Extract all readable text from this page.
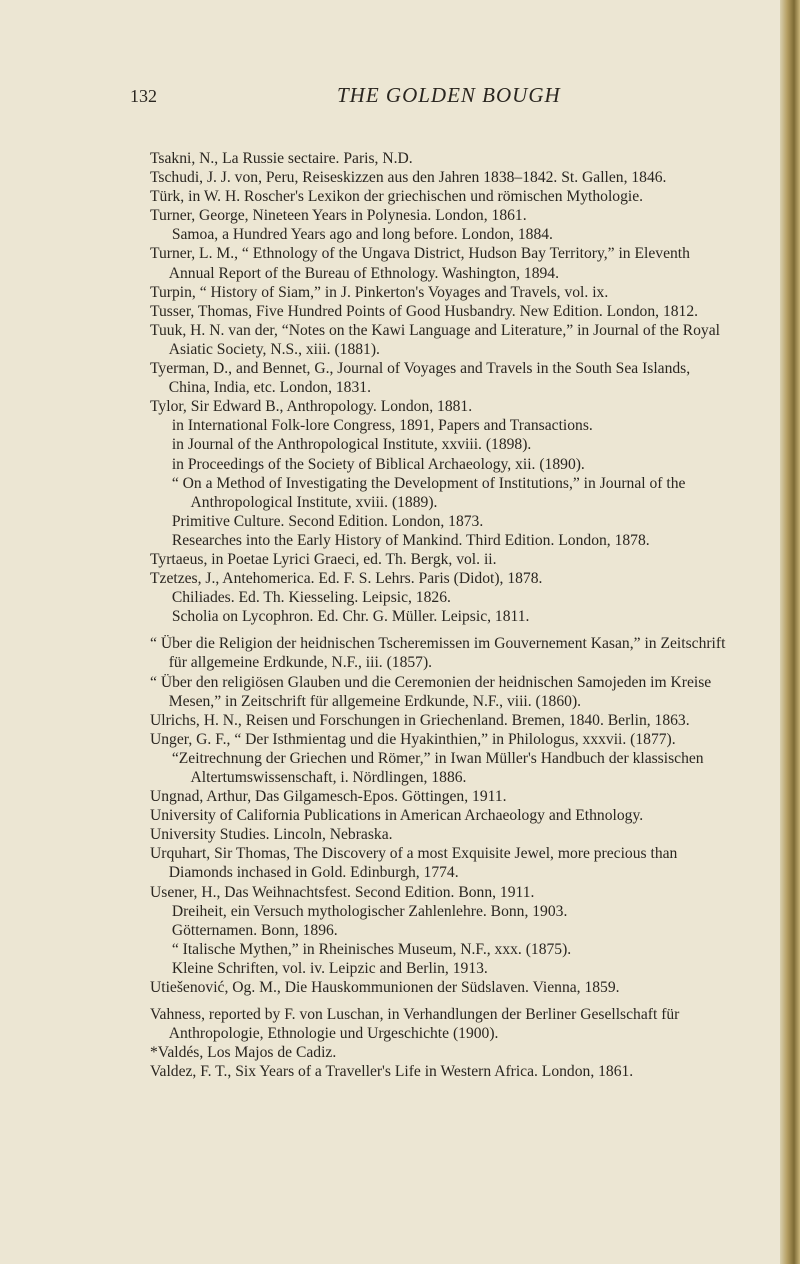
132	THE GOLDEN BOUGH
Tsakni, N., La Russie sectaire. Paris, N.D.
Tschudi, J. J. von, Peru, Reiseskizzen aus den Jahren 1838–1842. St. Gallen, 1846.
Türk, in W. H. Roscher's Lexikon der griechischen und römischen Mythologie.
Turner, George, Nineteen Years in Polynesia. London, 1861.
Samoa, a Hundred Years ago and long before. London, 1884.
Turner, L. M., “ Ethnology of the Ungava District, Hudson Bay Territory,” in Eleventh Annual Report of the Bureau of Ethnology. Washington, 1894.
Turpin, “ History of Siam,” in J. Pinkerton's Voyages and Travels, vol. ix.
Tusser, Thomas, Five Hundred Points of Good Husbandry. New Edition. London, 1812.
Tuuk, H. N. van der, “Notes on the Kawi Language and Literature,” in Journal of the Royal Asiatic Society, N.S., xiii. (1881).
Tyerman, D., and Bennet, G., Journal of Voyages and Travels in the South Sea Islands, China, India, etc. London, 1831.
Tylor, Sir Edward B., Anthropology. London, 1881.
in International Folk-lore Congress, 1891, Papers and Transactions.
in Journal of the Anthropological Institute, xxviii. (1898).
in Proceedings of the Society of Biblical Archaeology, xii. (1890).
“ On a Method of Investigating the Development of Institutions,” in Journal of the Anthropological Institute, xviii. (1889).
Primitive Culture. Second Edition. London, 1873.
Researches into the Early History of Mankind. Third Edition. London, 1878.
Tyrtaeus, in Poetae Lyrici Graeci, ed. Th. Bergk, vol. ii.
Tzetzes, J., Antehomerica. Ed. F. S. Lehrs. Paris (Didot), 1878.
Chiliades. Ed. Th. Kiesseling. Leipsic, 1826.
Scholia on Lycophron. Ed. Chr. G. Müller. Leipsic, 1811.
“ Über die Religion der heidnischen Tscheremissen im Gouvernement Kasan,” in Zeitschrift für allgemeine Erdkunde, N.F., iii. (1857).
“ Über den religiösen Glauben und die Ceremonien der heidnischen Samojeden im Kreise Mesen,” in Zeitschrift für allgemeine Erdkunde, N.F., viii. (1860).
Ulrichs, H. N., Reisen und Forschungen in Griechenland. Bremen, 1840. Berlin, 1863.
Unger, G. F., “ Der Isthmientag und die Hyakinthien,” in Philologus, xxxvii. (1877).
“Zeitrechnung der Griechen und Römer,” in Iwan Müller's Handbuch der klassischen Altertumswissenschaft, i. Nördlingen, 1886.
Ungnad, Arthur, Das Gilgamesch-Epos. Göttingen, 1911.
University of California Publications in American Archaeology and Ethnology.
University Studies. Lincoln, Nebraska.
Urquhart, Sir Thomas, The Discovery of a most Exquisite Jewel, more precious than Diamonds inchased in Gold. Edinburgh, 1774.
Usener, H., Das Weihnachtsfest. Second Edition. Bonn, 1911.
Dreiheit, ein Versuch mythologischer Zahlenlehre. Bonn, 1903.
Götternamen. Bonn, 1896.
“ Italische Mythen,” in Rheinisches Museum, N.F., xxx. (1875).
Kleine Schriften, vol. iv. Leipzic and Berlin, 1913.
Utiešenović, Og. M., Die Hauskommunionen der Südslaven. Vienna, 1859.
Vahness, reported by F. von Luschan, in Verhandlungen der Berliner Gesellschaft für Anthropologie, Ethnologie und Urgeschichte (1900).
*Valdés, Los Majos de Cadiz.
Valdez, F. T., Six Years of a Traveller's Life in Western Africa. London, 1861.
